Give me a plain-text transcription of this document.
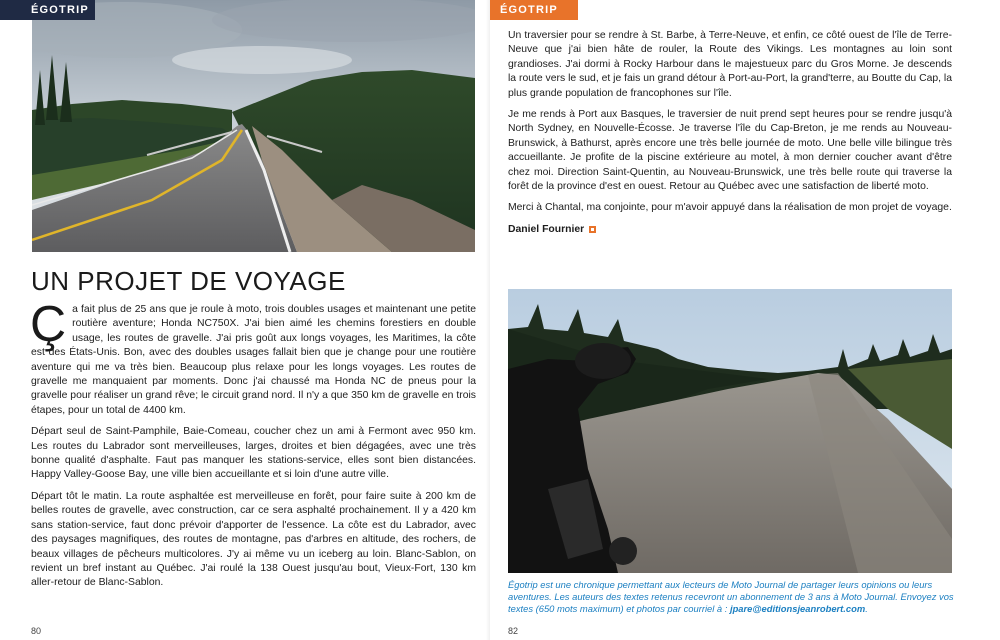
ÉGOTRIP
UN PROJET DE VOYAGE

Ça fait plus de 25 ans que je roule à moto, trois doubles usages et maintenant une petite routière aventure; Honda NC750X. J'ai bien aimé les chemins forestiers en double usage, les routes de gravelle. J'ai pris goût aux longs voyages, les Maritimes, la côte est des États-Unis. Bon, avec des doubles usages fallait bien que je change pour une routière aventure qui me va très bien. Beaucoup plus relaxe pour les longs voyages. Les routes de gravelle me manquaient par moments. Donc j'ai chaussé ma Honda NC de pneus pour la gravelle pour réaliser un grand rêve; le circuit grand nord. Il n'y a que 350 km de gravelle en trois étapes, pour un total de 4400 km.

Départ seul de Saint-Pamphile, Baie-Comeau, coucher chez un ami à Fermont avec 950 km. Les routes du Labrador sont merveilleuses, larges, droites et bien dégagées, avec une très bonne qualité d'asphalte. Faut pas manquer les stations-service, elles sont bien distancées. Happy Valley-Goose Bay, une ville bien accueillante et si loin d'une autre ville.

Départ tôt le matin. La route asphaltée est merveilleuse en forêt, pour faire suite à 200 km de belles routes de gravelle, avec construction, car ce sera asphalté prochainement. Il y a 420 km sans station-service, faut donc prévoir d'apporter de l'essence. La côte est du Labrador, avec des paysages magnifiques, des routes de montagne, pas d'arbres en altitude, des rochers, de beaux villages de pêcheurs multicolores. J'y ai même vu un iceberg au loin. Blanc-Sablon, on revient un bref instant au Québec. J'ai roulé la 138 Ouest jusqu'au bout, Vieux-Fort, 130 km aller-retour de Blanc-Sablon.

80
ÉGOTRIP

Un traversier pour se rendre à St. Barbe, à Terre-Neuve, et enfin, ce côté ouest de l'île de Terre-Neuve que j'ai bien hâte de rouler, la Route des Vikings. Les montagnes au loin sont grandioses. J'ai dormi à Rocky Harbour dans le majestueux parc du Gros Morne. Je descends la route vers le sud, et je fais un grand détour à Port-au-Port, la grand'terre, au Boutte du Cap, la plus grande population de francophones sur l'île.

Je me rends à Port aux Basques, le traversier de nuit prend sept heures pour se rendre jusqu'à North Sydney, en Nouvelle-Écosse. Je traverse l'île du Cap-Breton, je me rends au Nouveau-Brunswick, à Bathurst, après encore une très belle journée de moto. Une belle ville bilingue très accueillante. Je profite de la piscine extérieure au motel, à mon dernier coucher avant d'être chez moi. Direction Saint-Quentin, au Nouveau-Brunswick, une très belle route qui traverse la forêt de la province d'est en ouest. Retour au Québec avec une satisfaction de liberté moto.

Merci à Chantal, ma conjointe, pour m'avoir appuyé dans la réalisation de mon projet de voyage.

Daniel Fournier
Égotrip est une chronique permettant aux lecteurs de Moto Journal de partager leurs opinions ou leurs aventures. Les auteurs des textes retenus recevront un abonnement de 3 ans à Moto Journal. Envoyez vos textes (650 mots maximum) et photos par courriel à : jpare@editionsjeanrobert.com.
82
